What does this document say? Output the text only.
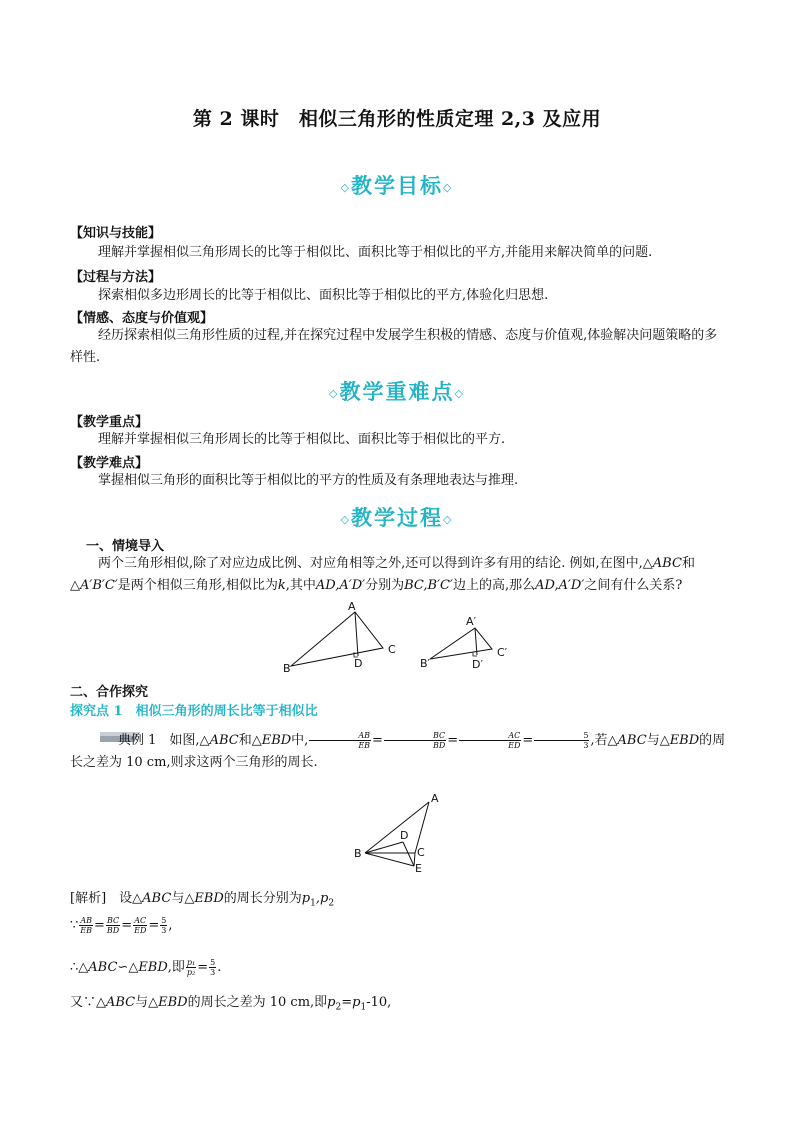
第 2 课时　相似三角形的性质定理 2,3 及应用
◇教学目标◇
【知识与技能】
理解并掌握相似三角形周长的比等于相似比、面积比等于相似比的平方,并能用来解决简单的问题.
【过程与方法】
探索相似多边形周长的比等于相似比、面积比等于相似比的平方,体验化归思想.
【情感、态度与价值观】
经历探索相似三角形性质的过程,并在探究过程中发展学生积极的情感、态度与价值观,体验解决问题策略的多样性.
◇教学重难点◇
【教学重点】
理解并掌握相似三角形周长的比等于相似比、面积比等于相似比的平方.
【教学难点】
掌握相似三角形的面积比等于相似比的平方的性质及有条理地表达与推理.
◇教学过程◇
一、情境导入
两个三角形相似,除了对应边成比例、对应角相等之外,还可以得到许多有用的结论. 例如,在图中,△ABC和△A′B′C′是两个相似三角形,相似比为k,其中AD,A′D′分别为BC,B′C′边上的高,那么AD,A′D′之间有什么关系?
A
B
C
D
A′
B′
C′
D′
二、合作探究
探究点 1　相似三角形的周长比等于相似比
典例 1　 如图,△ABC和△EBD中, $\frac{AB}{EB} = \frac{BC}{BD} = \frac{AC}{ED} = \frac{5}{3}$ ,若△ABC与△EBD的周长之差为 10 cm,则求这两个三角形的周长.
A
B	C
D
E
[解析]　 设△ABC与△EBD的周长分别为$p_1,p_2$
∵ $\frac{AB}{EB} = \frac{BC}{BD} = \frac{AC}{ED} = \frac{5}{3}$ ,
∴△ABC∽△EBD,即 $\frac{\text{p₁}}{\text{p₂}} = \frac{5}{3}$ .
又∵△ABC与△EBD的周长之差为 10 cm,即$p_2=p_1-10$,
